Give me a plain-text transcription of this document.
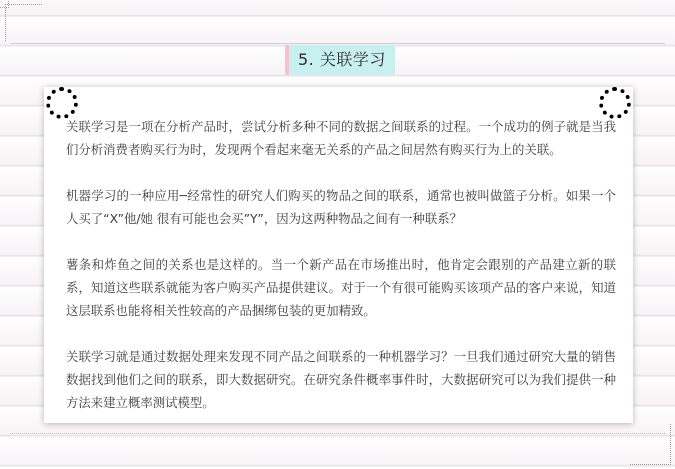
5. 关联学习

关联学习是一项在分析产品时，尝试分析多种不同的数据之间联系的过程。一个成功的例子就是当我们分析消费者购买行为时，发现两个看起来毫无关系的产品之间居然有购买行为上的关联。

机器学习的一种应用─经常性的研究人们购买的物品之间的联系，通常也被叫做篮子分析。如果一个人买了“X”他/她 很有可能也会买”Y”，因为这两种物品之间有一种联系？

薯条和炸鱼之间的关系也是这样的。当一个新产品在市场推出时，他肯定会跟别的产品建立新的联系，知道这些联系就能为客户购买产品提供建议。对于一个有很可能购买该项产品的客户来说，知道这层联系也能将相关性较高的产品捆绑包装的更加精致。

关联学习就是通过数据处理来发现不同产品之间联系的一种机器学习？一旦我们通过研究大量的销售数据找到他们之间的联系，即大数据研究。在研究条件概率事件时，大数据研究可以为我们提供一种方法来建立概率测试模型。
